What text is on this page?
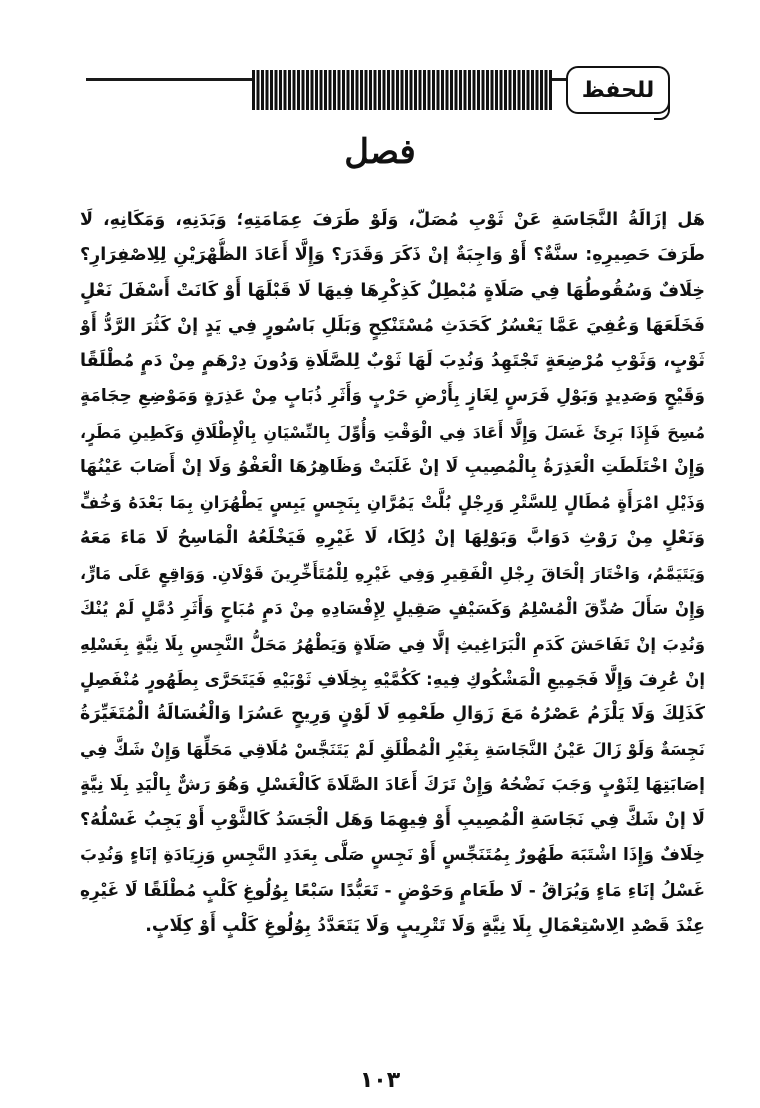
للحفظ
فصل
هَل إزَالَةُ النَّجَاسَةِ عَنْ ثَوْبِ مُصَلّ، وَلَوْ طَرَفَ عِمَامَتِهِ؛ وَبَدَنِهِ، وَمَكَانِهِ، لَا
طَرَفَ حَصِيرِهِ: سنَّةٌ؟ أَوْ وَاجِبَةٌ إنْ ذَكَرَ وَقَدَرَ؟ وَإِلَّا أَعَادَ الظُّهْرَيْنِ لِلِاصْفِرَارِ؟
خِلَافٌ وَسُقُوطُهَا فِي صَلَاةٍ مُبْطِلٌ كَذِكْرِهَا فِيهَا لَا قَبْلَهَا أَوْ كَانَتْ أَسْفَلَ نَعْلٍ
فَخَلَعَهَا وَعُفِيَ عَمَّا يَعْسُرُ كَحَدَثِ مُسْتَنْكِحٍ وَبَلَلِ بَاسُورٍ فِي يَدٍ إنْ كَثُرَ الرَّدُّ أَوْ
ثَوْبٍ، وَثَوْبِ مُرْضِعَةٍ تَجْتَهِدُ وَنُدِبَ لَهَا ثَوْبٌ لِلصَّلَاةِ وَدُونَ دِرْهَمٍ مِنْ دَمٍ مُطْلَقًا
وَقَيْحٍ وَصَدِيدٍ وَبَوْلِ فَرَسٍ لِغَازٍ بِأَرْضِ حَرْبٍ وَأَثَرِ ذُبَابٍ مِنْ عَذِرَةٍ وَمَوْضِعِ حِجَامَةٍ
مُسِحَ فَإِذَا بَرِئَ غَسَلَ وَإِلَّا أَعَادَ فِي الْوَقْتِ وَأُوِّلَ بِالنِّسْيَانِ بِالْإِطْلَاقِ وَكَطِينِ مَطَرٍ،
وَإِنْ اخْتَلَطَتِ الْعَذِرَةُ بِالْمُصِيبِ لَا إنْ غَلَبَتْ وَظَاهِرُهَا الْعَفْوُ وَلَا إنْ أَصَابَ عَيْنُهَا
وَذَيْلِ امْرَأَةٍ مُطَالٍ لِلسَّتْرِ وَرِجْلٍ بُلَّتْ يَمُرَّانِ بِنَجِسٍ يَبِسٍ يَطْهُرَانِ بِمَا بَعْدَهُ وَخُفٍّ
وَنَعْلٍ مِنْ رَوْثِ دَوَابَّ وَبَوْلِهَا إنْ دُلِكَا، لَا غَيْرِهِ فَيَخْلَعُهُ الْمَاسِحُ لَا مَاءَ مَعَهُ
وَيَتَيَمَّمُ، وَاخْتَارَ إلْحَاقَ رِجْلِ الْفَقِيرِ وَفِي غَيْرِهِ لِلْمُتَأَخِّرِينَ قَوْلَانِ. وَوَاقِعٍ عَلَى مَارٍّ،
وَإِنْ سَأَلَ صُدِّقَ الْمُسْلِمُ وَكَسَيْفٍ صَقِيلٍ لِإِفْسَادِهِ مِنْ دَمٍ مُبَاحٍ وَأَثَرِ دُمَّلٍ لَمْ يُنْكَ
وَنُدِبَ إنْ تَفَاحَشَ كَدَمِ الْبَرَاغِيثِ إلَّا فِي صَلَاةٍ وَيَطْهُرُ مَحَلُّ النَّجِسِ بِلَا نِيَّةٍ بِغَسْلِهِ
إنْ عُرِفَ وَإِلَّا فَجَمِيعِ الْمَشْكُوكِ فِيهِ: كَكُمَّيْهِ بِخِلَافِ ثَوْبَيْهِ فَيَتَحَرَّى بِطَهُورٍ مُنْفَصِلٍ
كَذَلِكَ وَلَا يَلْزَمُ عَصْرُهُ مَعَ زَوَالِ طَعْمِهِ لَا لَوْنٍ وَرِيحٍ عَسُرَا وَالْغُسَالَةُ الْمُتَغَيِّرَةُ
نَجِسَةٌ وَلَوْ زَالَ عَيْنُ النَّجَاسَةِ بِغَيْرِ الْمُطْلَقِ لَمْ يَتَنَجَّسْ مُلَاقِي مَحَلِّهَا وَإِنْ شَكَّ فِي
إصَابَتِهَا لِثَوْبٍ وَجَبَ نَضْحُهُ وَإِنْ تَرَكَ أَعَادَ الصَّلَاةَ كَالْغَسْلِ وَهُوَ رَشٌّ بِالْيَدِ بِلَا نِيَّةٍ
لَا إنْ شَكَّ فِي نَجَاسَةِ الْمُصِيبِ أَوْ فِيهِمَا وَهَل الْجَسَدُ كَالثَّوْبِ أَوْ يَجِبُ غَسْلُهُ؟
خِلَافٌ وَإِذَا اشْتَبَهَ طَهُورٌ بِمُتَنَجِّسٍ أَوْ نَجِسٍ صَلَّى بِعَدَدِ النَّجِسِ وَزِيَادَةِ إنَاءٍ وَنُدِبَ
غَسْلُ إنَاءِ مَاءٍ وَيُرَاقُ - لَا طَعَامٍ وَحَوْضٍ - تَعَبُّدًا سَبْعًا بِوُلُوغِ كَلْبٍ مُطْلَقًا لَا غَيْرِهِ
عِنْدَ قَصْدِ الِاسْتِعْمَالِ بِلَا نِيَّةٍ وَلَا تَتْرِيبٍ وَلَا يَتَعَدَّدُ بِوُلُوغِ كَلْبٍ أَوْ كِلَابٍ.
١٠٣
